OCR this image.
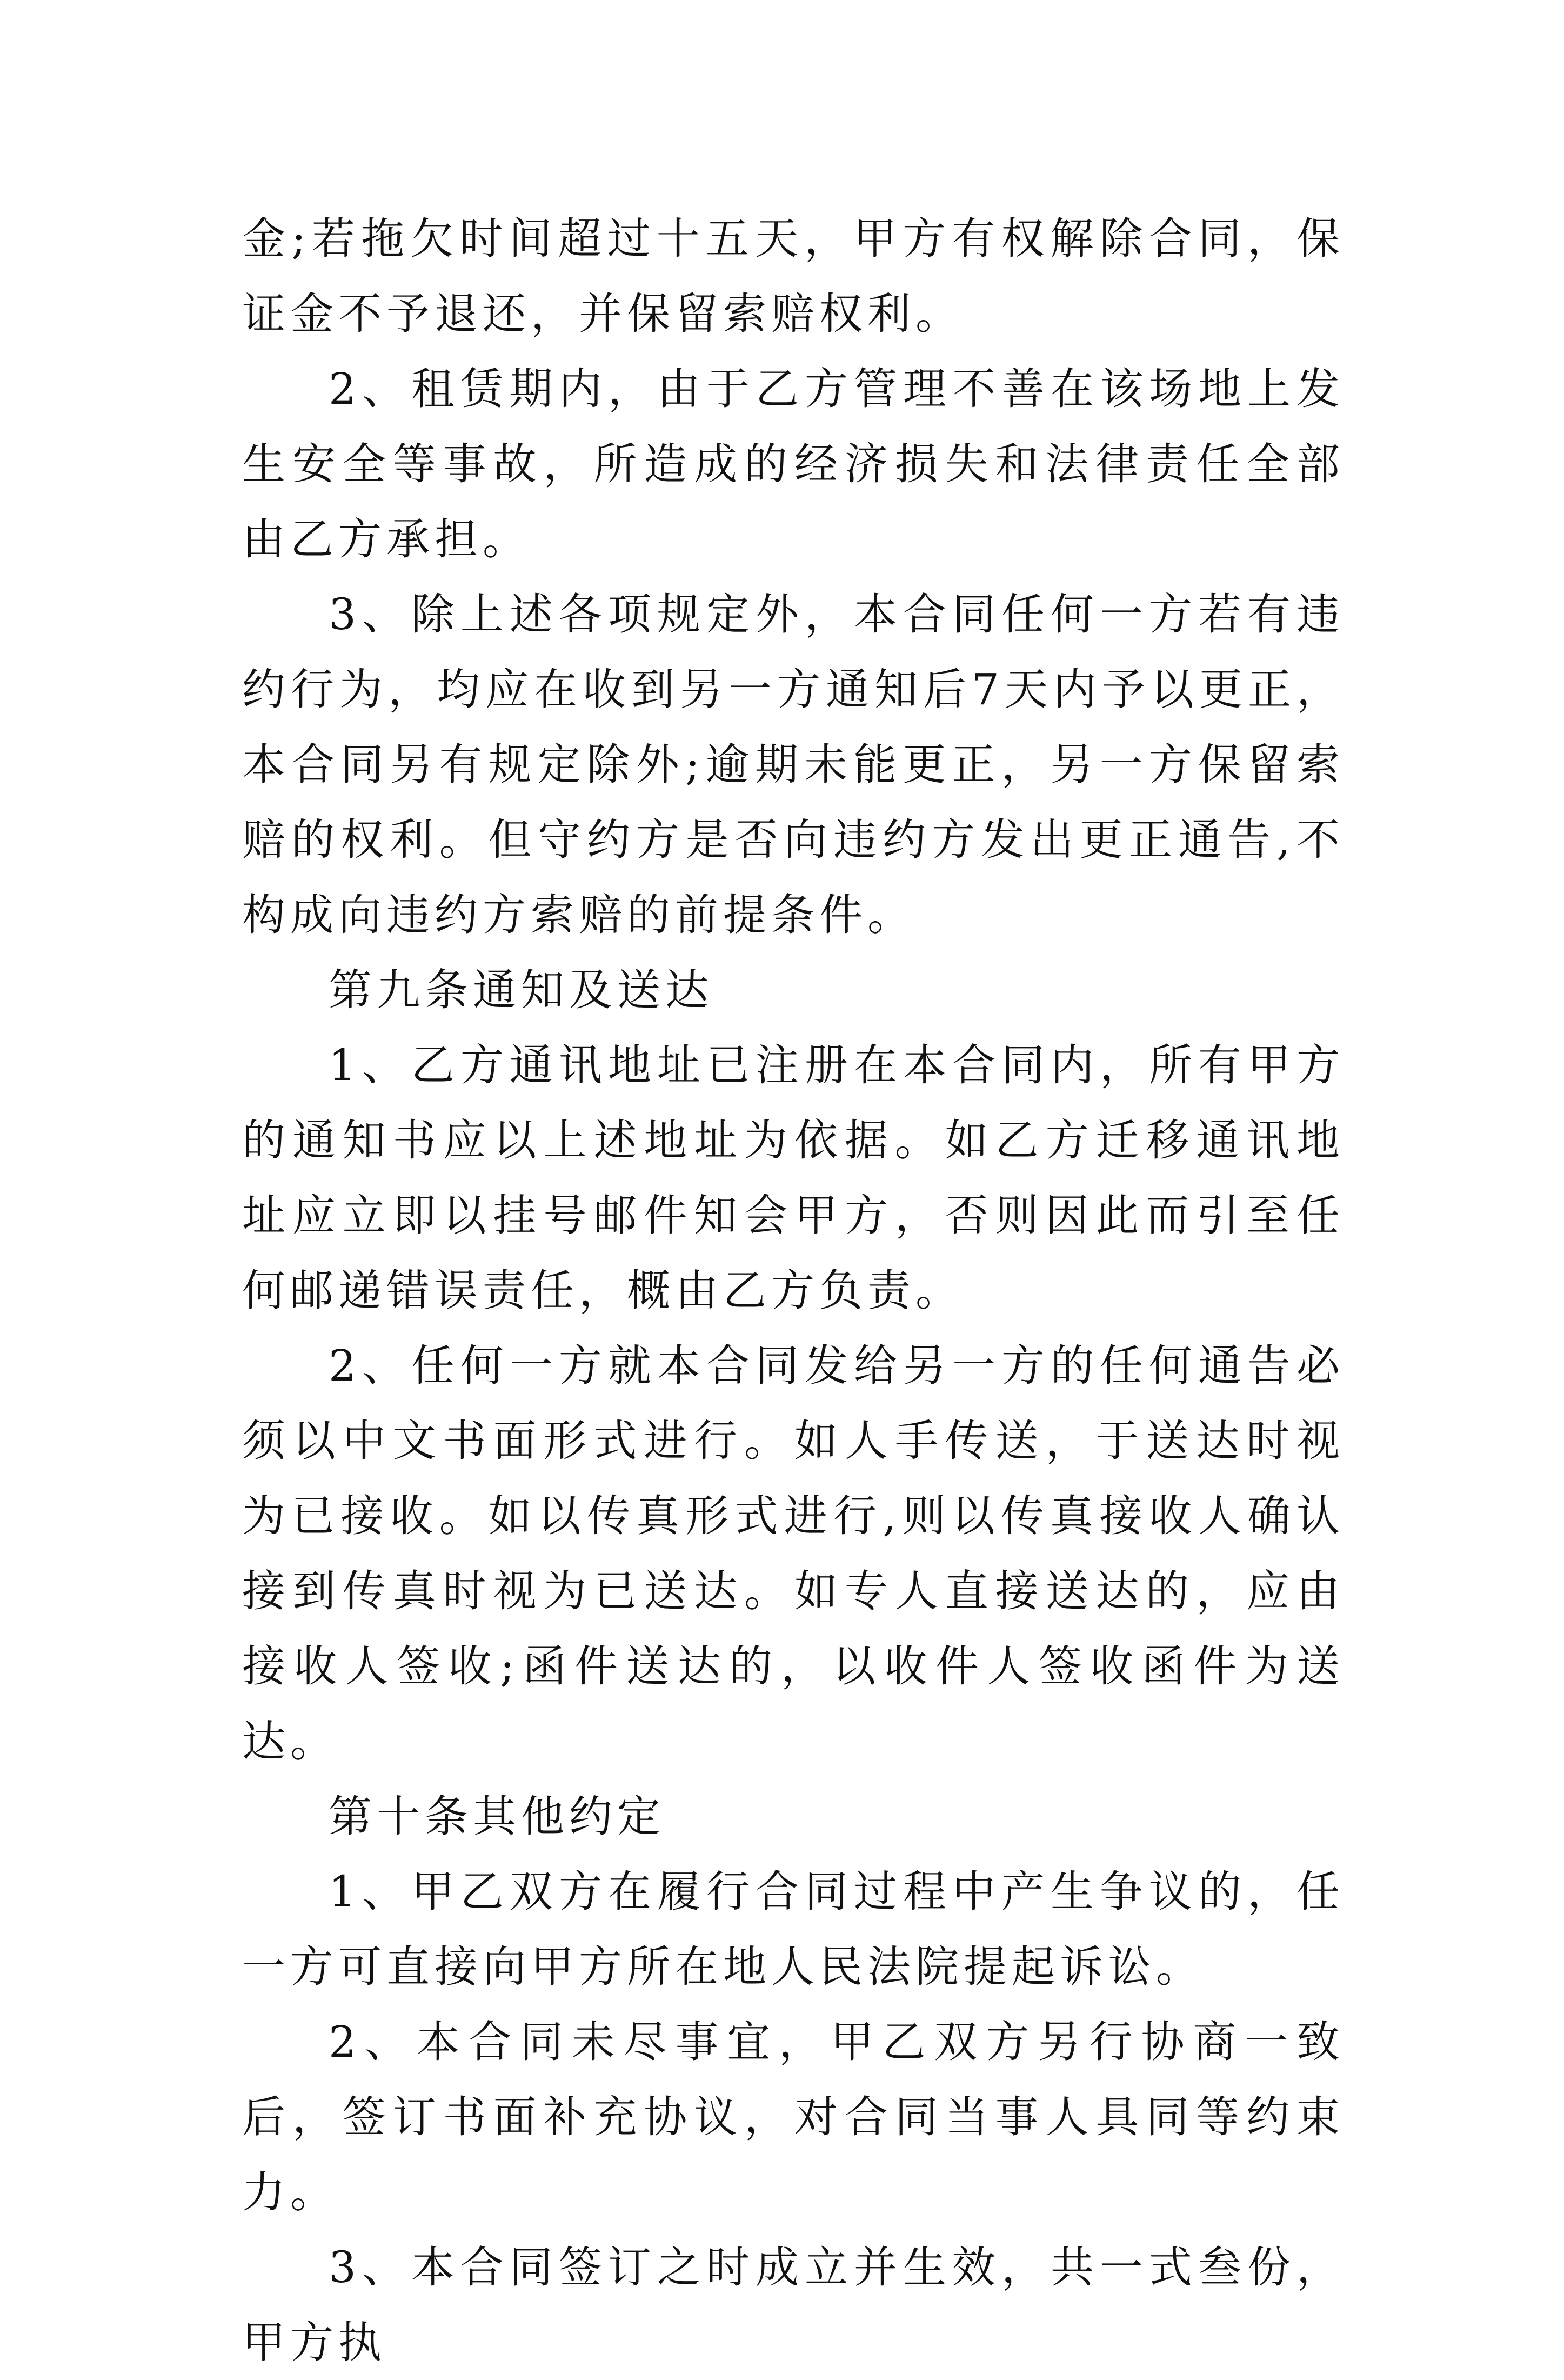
金;若拖欠时间超过十五天，甲方有权解除合同，保证金不予退还，并保留索赔权利。

2、租赁期内，由于乙方管理不善在该场地上发生安全等事故，所造成的经济损失和法律责任全部由乙方承担。

3、除上述各项规定外，本合同任何一方若有违约行为，均应在收到另一方通知后7天内予以更正，本合同另有规定除外;逾期未能更正，另一方保留索赔的权利。但守约方是否向违约方发出更正通告,不构成向违约方索赔的前提条件。

第九条通知及送达

1、乙方通讯地址已注册在本合同内，所有甲方的通知书应以上述地址为依据。如乙方迁移通讯地址应立即以挂号邮件知会甲方，否则因此而引至任何邮递错误责任，概由乙方负责。

2、任何一方就本合同发给另一方的任何通告必须以中文书面形式进行。如人手传送，于送达时视为已接收。如以传真形式进行,则以传真接收人确认接到传真时视为已送达。如专人直接送达的，应由接收人签收;函件送达的，以收件人签收函件为送达。

第十条其他约定

1、甲乙双方在履行合同过程中产生争议的，任一方可直接向甲方所在地人民法院提起诉讼。

2、本合同未尽事宜，甲乙双方另行协商一致后，签订书面补充协议，对合同当事人具同等约束力。

3、本合同签订之时成立并生效，共一式叁份，甲方执
